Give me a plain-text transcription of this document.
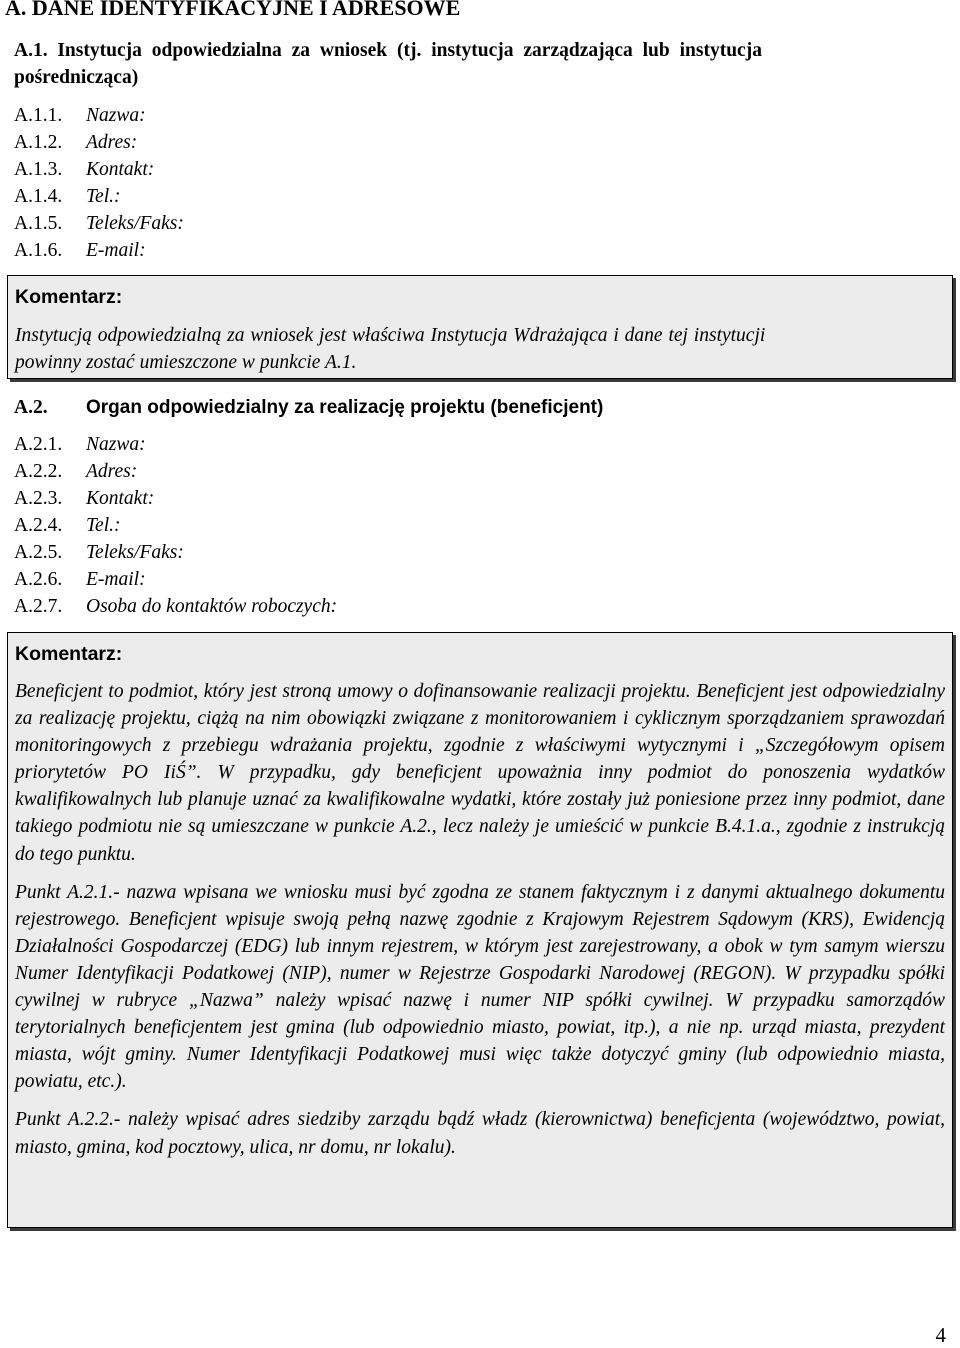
A. DANE IDENTYFIKACYJNE I ADRESOWE
A.1. Instytucja odpowiedzialna za wniosek (tj. instytucja zarządzająca lub instytucja
pośrednicząca)
A.1.1. Nazwa:
A.1.2. Adres:
A.1.3. Kontakt:
A.1.4. Tel.:
A.1.5. Teleks/Faks:
A.1.6. E-mail:
Komentarz:
Instytucją odpowiedzialną za wniosek jest właściwa Instytucja Wdrażająca i dane tej instytucji
powinny zostać umieszczone w punkcie A.1.
A.2. Organ odpowiedzialny za realizację projektu (beneficjent)
A.2.1. Nazwa:
A.2.2. Adres:
A.2.3. Kontakt:
A.2.4. Tel.:
A.2.5. Teleks/Faks:
A.2.6. E-mail:
A.2.7. Osoba do kontaktów roboczych:
Komentarz:

Beneficjent to podmiot, który jest stroną umowy o dofinansowanie realizacji projektu. Beneficjent jest odpowiedzialny za realizację projektu, ciążą na nim obowiązki związane z monitorowaniem i cyklicznym sporządzaniem sprawozdań monitoringowych z przebiegu wdrażania projektu, zgodnie z właściwymi wytycznymi i „Szczegółowym opisem priorytetów PO IiŚ”. W przypadku, gdy beneficjent upoważnia inny podmiot do ponoszenia wydatków kwalifikowalnych lub planuje uznać za kwalifikowalne wydatki, które zostały już poniesione przez inny podmiot, dane takiego podmiotu nie są umieszczane w punkcie A.2., lecz należy je umieścić w punkcie B.4.1.a., zgodnie z instrukcją do tego punktu.

Punkt A.2.1.- nazwa wpisana we wniosku musi być zgodna ze stanem faktycznym i z danymi aktualnego dokumentu rejestrowego. Beneficjent wpisuje swoją pełną nazwę zgodnie z Krajowym Rejestrem Sądowym (KRS), Ewidencją Działalności Gospodarczej (EDG) lub innym rejestrem, w którym jest zarejestrowany, a obok w tym samym wierszu Numer Identyfikacji Podatkowej (NIP), numer w Rejestrze Gospodarki Narodowej (REGON). W przypadku spółki cywilnej w rubryce „Nazwa” należy wpisać nazwę i numer NIP spółki cywilnej. W przypadku samorządów terytorialnych beneficjentem jest gmina (lub odpowiednio miasto, powiat, itp.), a nie np. urząd miasta, prezydent miasta, wójt gminy. Numer Identyfikacji Podatkowej musi więc także dotyczyć gminy (lub odpowiednio miasta, powiatu, etc.).

Punkt A.2.2.- należy wpisać adres siedziby zarządu bądź władz (kierownictwa) beneficjenta (województwo, powiat, miasto, gmina, kod pocztowy, ulica, nr domu, nr lokalu).

4
